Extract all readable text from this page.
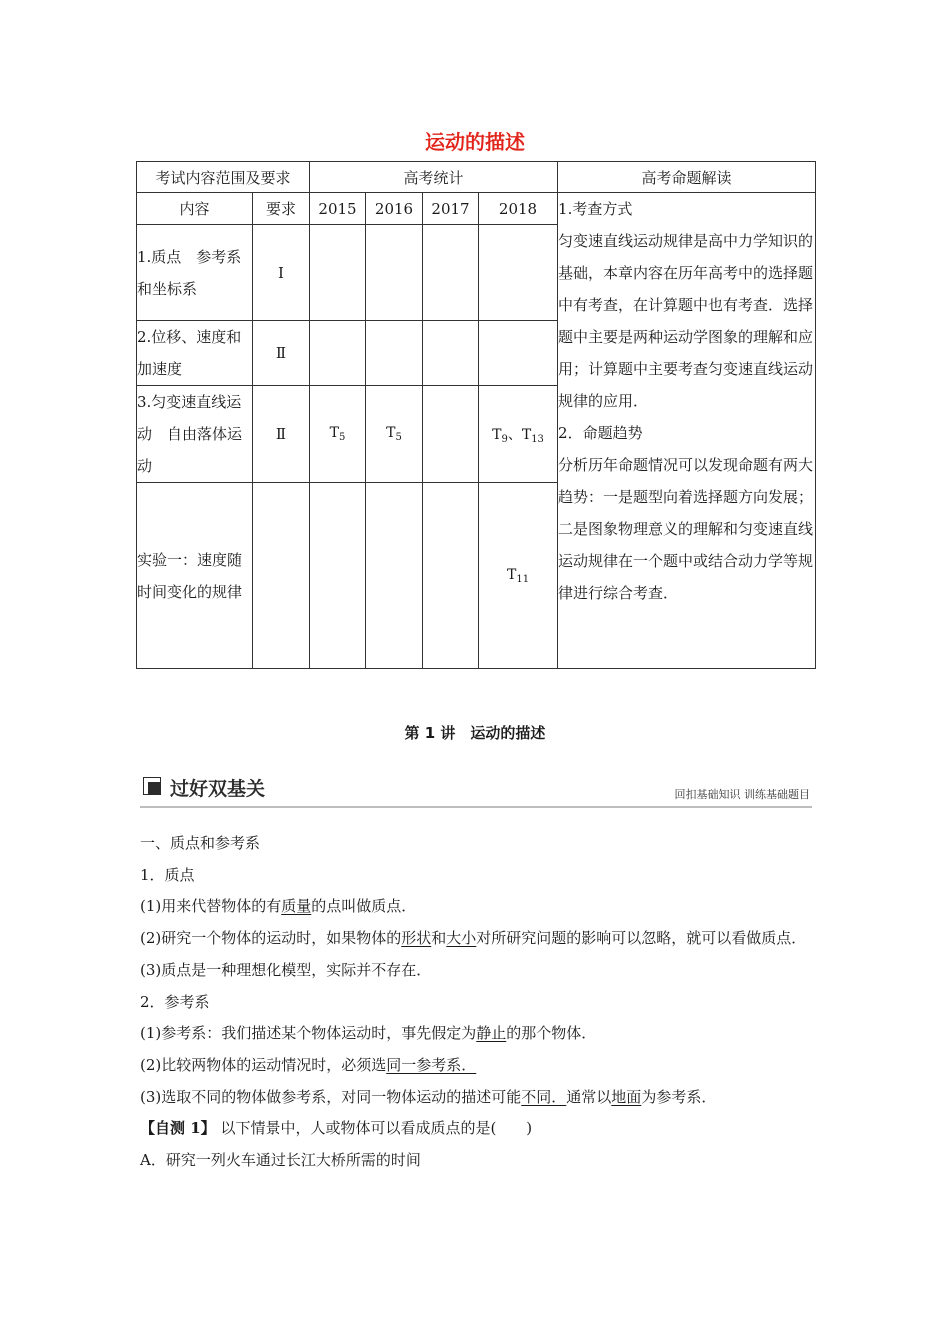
运动的描述
考试内容范围及要求		高考统计				高考命题解读
内容	要求	2015	2016	2017	2018	1.考查方式
匀变速直线运动规律是高中力学知识的基础，本章内容在历年高考中的选择题中有考查，在计算题中也有考查．选择题中主要是两种运动学图象的理解和应用；计算题中主要考查匀变速直线运动规律的应用．
2．命题趋势
分析历年命题情况可以发现命题有两大趋势：一是题型向着选择题方向发展；二是图象物理意义的理解和匀变速直线运动规律在一个题中或结合动力学等规律进行综合考查．

1.质点　参考系和坐标系	Ⅰ					
2.位移、速度和加速度	Ⅱ					
3.匀变速直线运动　自由落体运动	Ⅱ	$T_5$	$T_5$		$T_9$、$T_{13}$
实验一：速度随时间变化的规律					$T_{11}$
第 1 讲　运动的描述
过好双基关	回扣基础知识 训练基础题目

一、质点和参考系

1．质点

(1)用来代替物体的有质量的点叫做质点．

(2)研究一个物体的运动时，如果物体的形状和大小对所研究问题的影响可以忽略，就可以看做质点．

(3)质点是一种理想化模型，实际并不存在．

2．参考系

(1)参考系：我们描述某个物体运动时，事先假定为静止的那个物体．

(2)比较两物体的运动情况时，必须选同一参考系．

(3)选取不同的物体做参考系，对同一物体运动的描述可能不同．通常以地面为参考系．

【自测 1】 以下情景中，人或物体可以看成质点的是(　　)

A．研究一列火车通过长江大桥所需的时间
